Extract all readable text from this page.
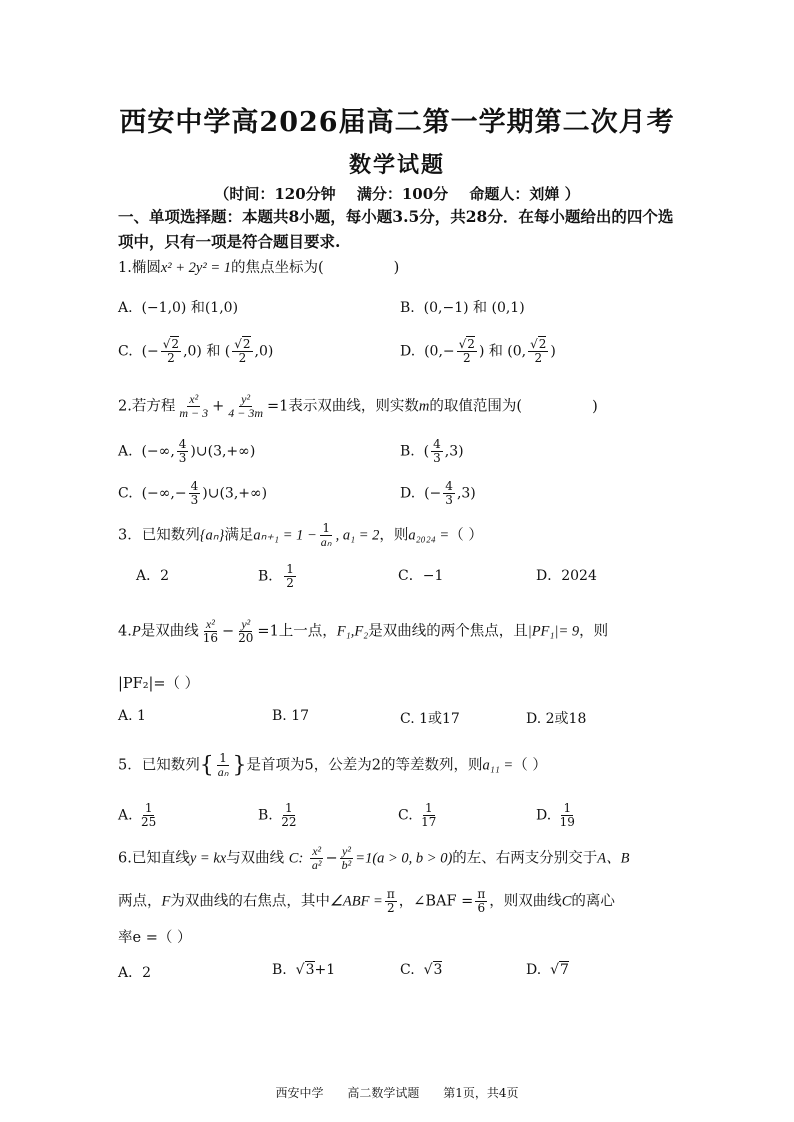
西安中学高2026届高二第一学期第二次月考
数学试题
（时间：120分钟 满分：100分 命题人：刘婵 ）
一、单项选择题：本题共8小题，每小题3.5分，共28分．在每小题给出的四个选项中，只有一项是符合题目要求.
1.椭圆x² + 2y² = 1的焦点坐标为(	)
A. (−1,0) 和(1,0)	B. (0,−1) 和 (0,1)
C.  (− $\frac{√2}{2} ,0$) 和 ( $\frac{√2}{2} ,0$)	D.  ($0,- \frac{√2}{2}$ ) 和 (0, $\frac{√2}{2}$ )
2.若方程 $\frac{\text{x²}}{m - 3} + \frac{\text{y²}}{4 - 3m} =1$表示双曲线，则实数m的取值范围为(	)
A. (−∞, $\frac{4}{3}$ )∪(3,+∞)	B. ( $\frac{4}{3} ,3$)
C. (−∞,− $\frac{4}{3}$ )∪(3,+∞)	D. (− $\frac{4}{3} ,3$)
3．已知数列{aₙ}满足$a_{n+1} = 1 - \frac{1}{\text{aₙ}}$ , a₁ = 2，则a₂₀₂₄ =（ ）
A．2	B． $\frac{1}{2}$	C．−1	D．2024
4.P是双曲线 $\frac{\text{x²}}{16} - \frac{\text{y²}}{20} =1$上一点，F₁,F₂是双曲线的两个焦点，且|PF₁|= 9，则
|PF₂|=（ ）
A. 1	B. 17	C. 1或17	D. 2或18
5．已知数列{ $\frac{1}{\text{aₙ}}$ }是首项为5，公差为2的等差数列，则a₁₁ =（ ）
A. $\frac{1}{25}$	B. $\frac{1}{22}$	C. $\frac{1}{17}$	D. $\frac{1}{19}$
6.已知直线y = kx与双曲线 C: $\frac{\text{x²}}{\text{a²}} - \frac{\text{y²}}{\text{b²}} =1(a > 0$, b > 0)的左、右两支分别交于A、B
两点，F为双曲线的右焦点，其中∠ABF = $\frac{\pi}{2}$ ，∠BAF = $\frac{\pi}{6}$ ，则双曲线C的离心
率e =（ ）
A．2	B.  √3+1	C.  √3	D.  √7
西安中学 高二数学试题 第1页，共4页
